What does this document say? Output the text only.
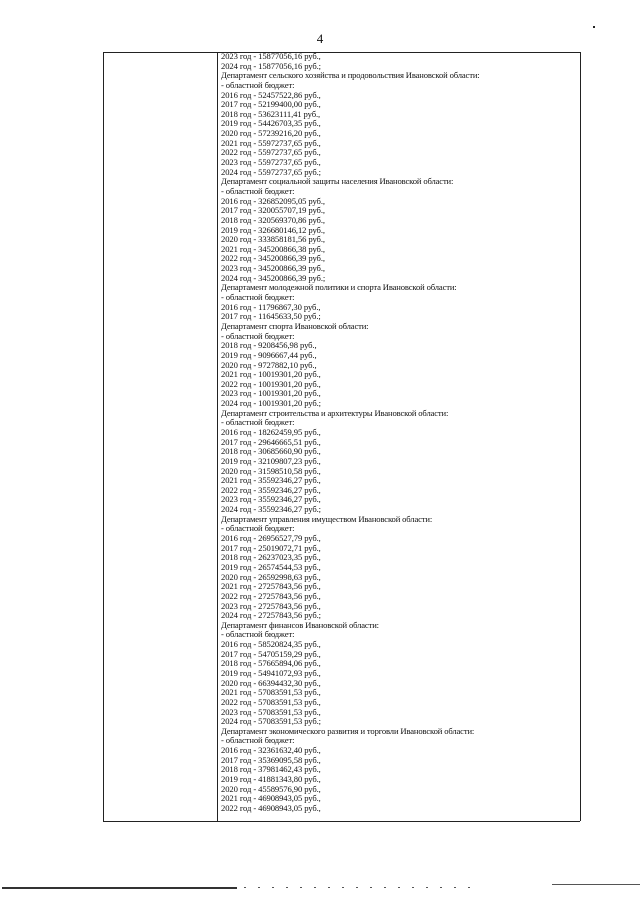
4
2023 год - 15877056,16 руб.,
2024 год - 15877056,16 руб.;
Департамент сельского хозяйства и продовольствия Ивановской области:
- областной бюджет:
2016 год - 52457522,86 руб.,
2017 год - 52199400,00 руб.,
2018 год - 53623111,41 руб.,
2019 год - 54426703,35 руб.,
2020 год - 57239216,20 руб.,
2021 год - 55972737,65 руб.,
2022 год - 55972737,65 руб.,
2023 год - 55972737,65 руб.,
2024 год - 55972737,65 руб.;
Департамент социальной защиты населения Ивановской области:
- областной бюджет:
2016 год - 326852095,05 руб.,
2017 год - 320055707,19 руб.,
2018 год - 320569370,86 руб.,
2019 год - 326680146,12 руб.,
2020 год - 333858181,56 руб.,
2021 год - 345200866,38 руб.,
2022 год - 345200866,39 руб.,
2023 год - 345200866,39 руб.,
2024 год - 345200866,39 руб.;
Департамент молодежной политики и спорта Ивановской области:
- областной бюджет:
2016 год - 11796867,30 руб.,
2017 год - 11645633,50 руб.;
Департамент спорта Ивановской области:
- областной бюджет:
2018 год - 9208456,98 руб.,
2019 год - 9096667,44 руб.,
2020 год - 9727882,10 руб.,
2021 год - 10019301,20 руб.,
2022 год - 10019301,20 руб.,
2023 год - 10019301,20 руб.,
2024 год - 10019301,20 руб.;
Департамент строительства и архитектуры Ивановской области:
- областной бюджет:
2016 год - 18262459,95 руб.,
2017 год - 29646665,51 руб.,
2018 год - 30685660,90 руб.,
2019 год - 32109807,23 руб.,
2020 год - 31598510,58 руб.,
2021 год - 35592346,27 руб.,
2022 год - 35592346,27 руб.,
2023 год - 35592346,27 руб.,
2024 год - 35592346,27 руб.;
Департамент управления имуществом Ивановской области:
- областной бюджет:
2016 год - 26956527,79 руб.,
2017 год - 25019072,71 руб.,
2018 год - 26237023,35 руб.,
2019 год - 26574544,53 руб.,
2020 год - 26592998,63 руб.,
2021 год - 27257843,56 руб.,
2022 год - 27257843,56 руб.,
2023 год - 27257843,56 руб.,
2024 год - 27257843,56 руб.;
Департамент финансов Ивановской области:
- областной бюджет:
2016 год - 58520824,35 руб.,
2017 год - 54705159,29 руб.,
2018 год - 57665894,06 руб.,
2019 год - 54941072,93 руб.,
2020 год - 66394432,30 руб.,
2021 год - 57083591,53 руб.,
2022 год - 57083591,53 руб.,
2023 год - 57083591,53 руб.,
2024 год - 57083591,53 руб.;
Департамент экономического развития и торговли Ивановской области:
- областной бюджет:
2016 год - 32361632,40 руб.,
2017 год - 35369095,58 руб.,
2018 год - 37981462,43 руб.,
2019 год - 41881343,80 руб.,
2020 год - 45589576,90 руб.,
2021 год - 46908943,05 руб.,
2022 год - 46908943,05 руб.,
